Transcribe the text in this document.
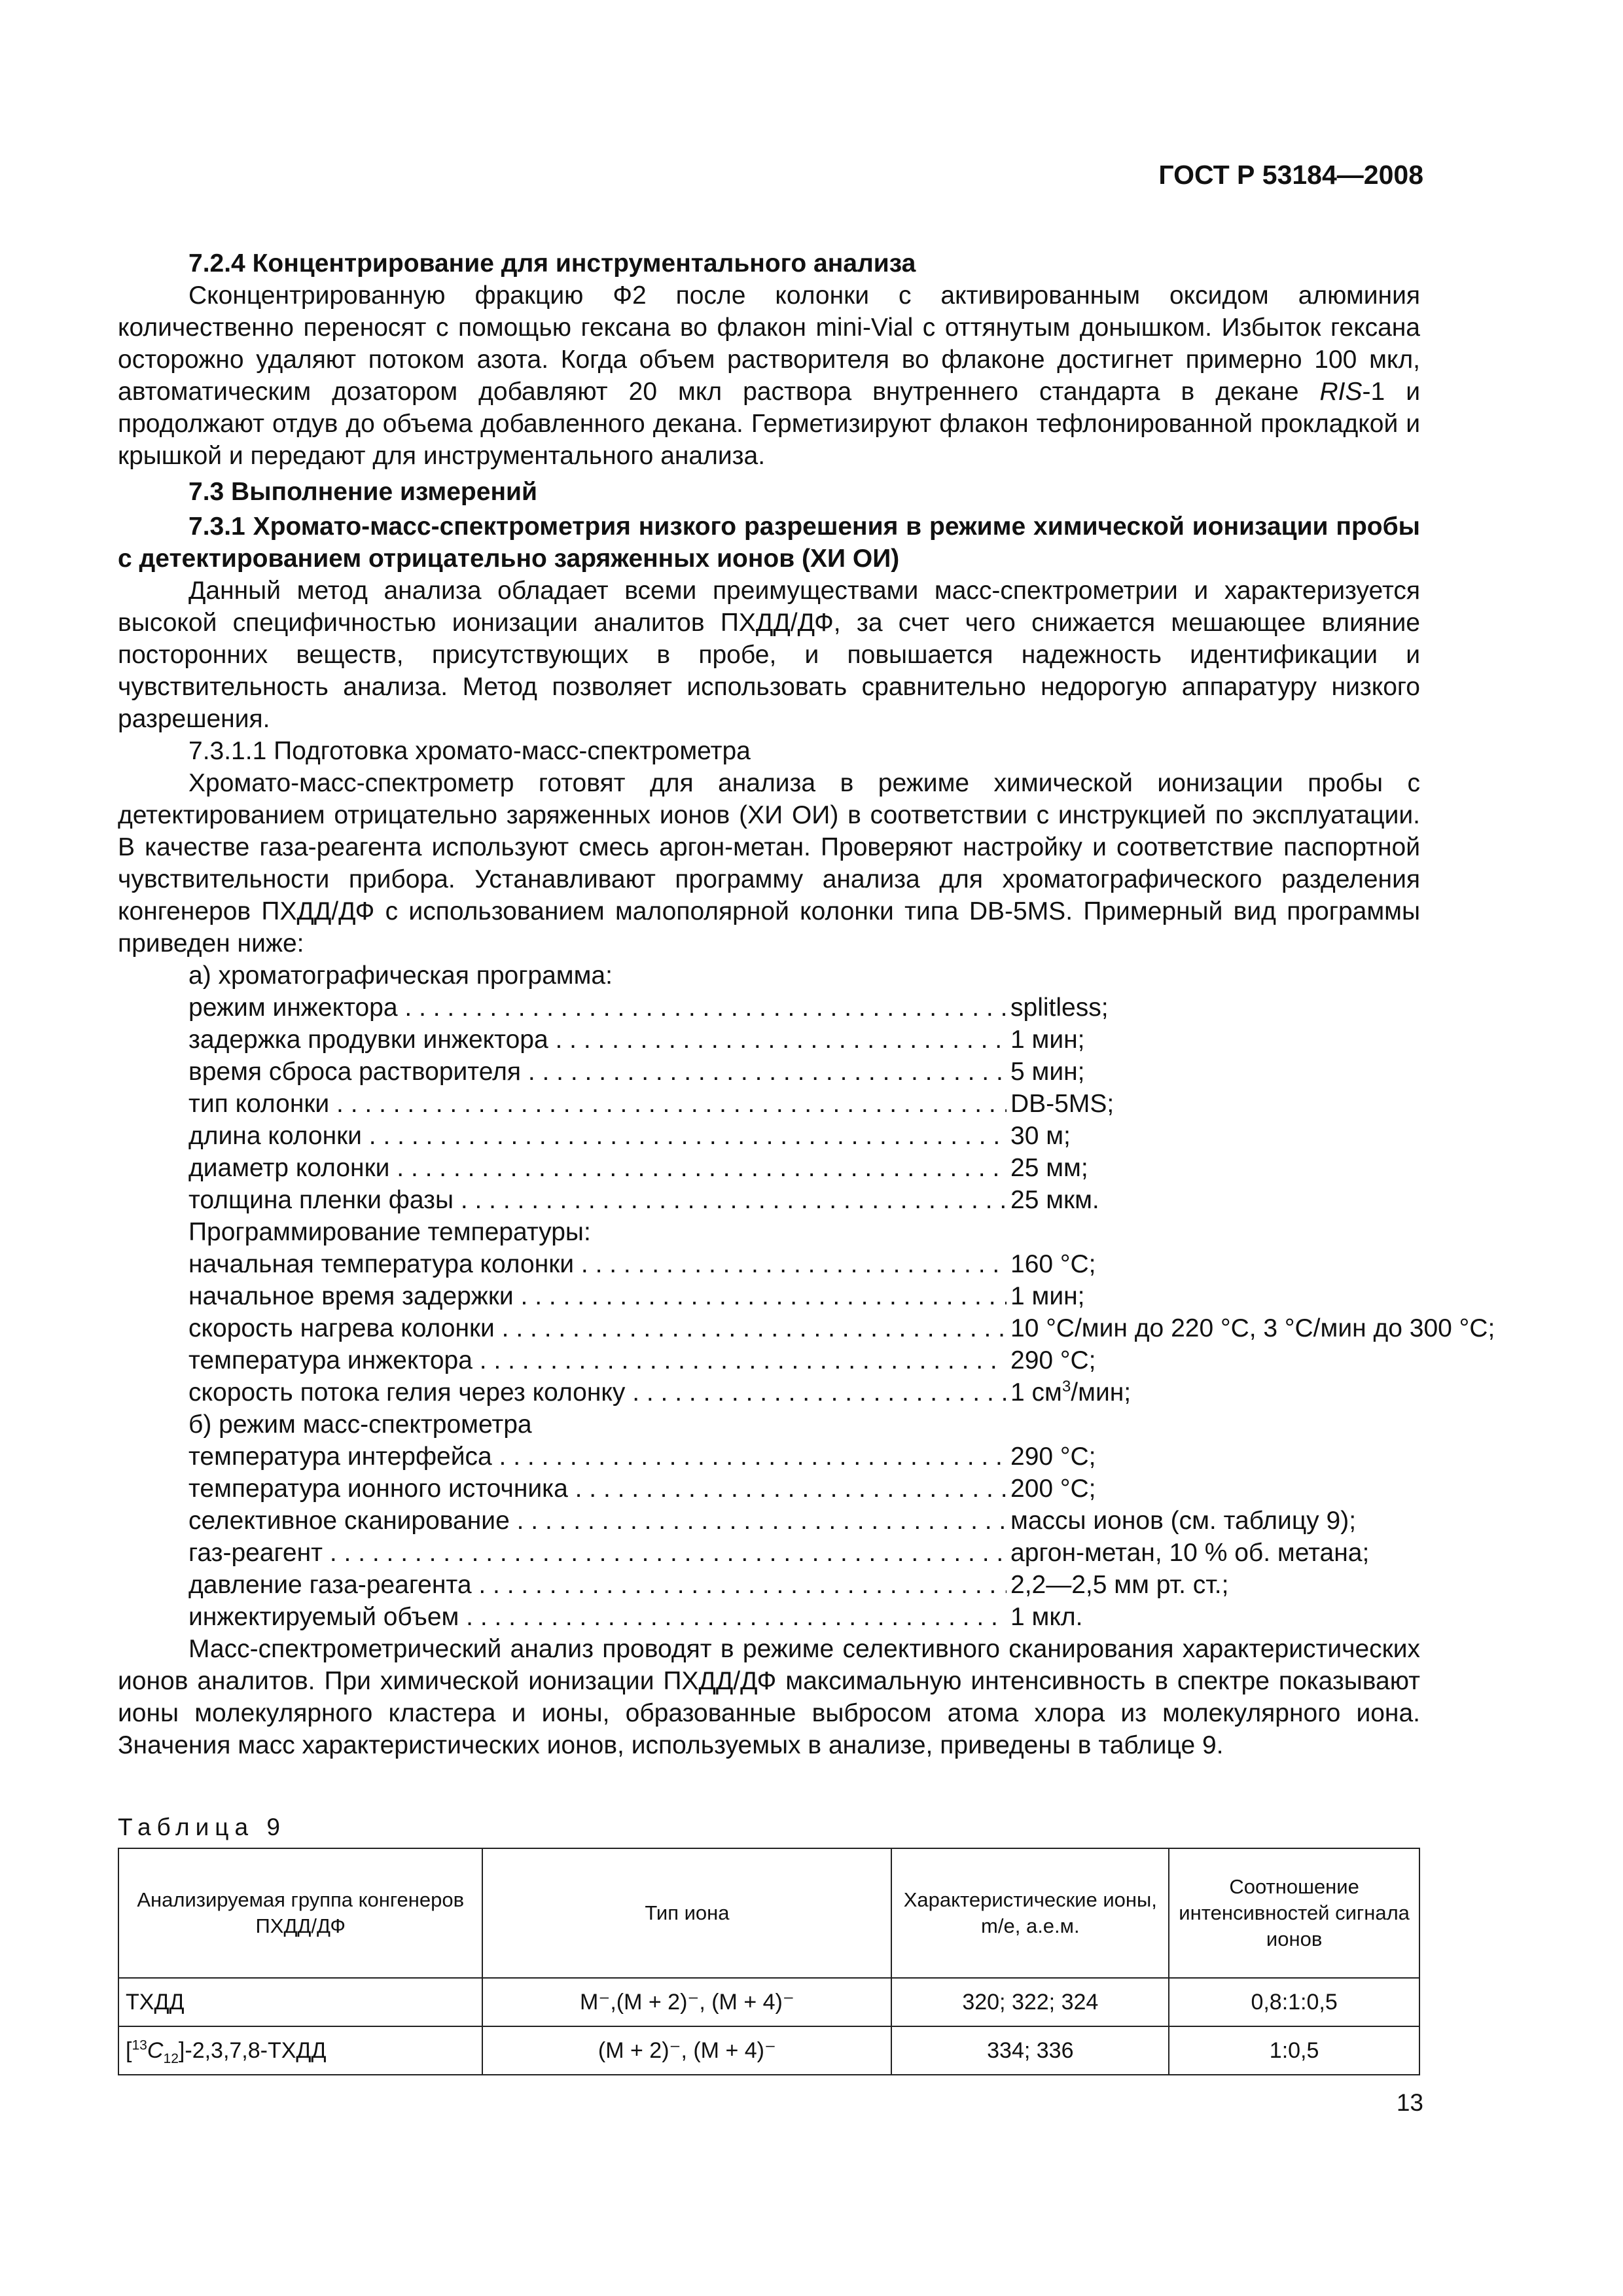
ГОСТ Р 53184—2008

7.2.4 Концентрирование для инструментального анализа

Сконцентрированную фракцию Ф2 после колонки с активированным оксидом алюминия количественно переносят с помощью гексана во флакон mini-Vial с оттянутым донышком. Избыток гексана осторожно удаляют потоком азота. Когда объем растворителя во флаконе достигнет примерно 100 мкл, автоматическим дозатором добавляют 20 мкл раствора внутреннего стандарта в декане RIS-1 и продолжают отдув до объема добавленного декана. Герметизируют флакон тефлонированной прокладкой и крышкой и передают для инструментального анализа.

7.3 Выполнение измерений

7.3.1 Хромато-масс-спектрометрия низкого разрешения в режиме химической ионизации пробы с детектированием отрицательно заряженных ионов (ХИ ОИ)

Данный метод анализа обладает всеми преимуществами масс-спектрометрии и характеризуется высокой специфичностью ионизации аналитов ПХДД/ДФ, за счет чего снижается мешающее влияние посторонних веществ, присутствующих в пробе, и повышается надежность идентификации и чувствительность анализа. Метод позволяет использовать сравнительно недорогую аппаратуру низкого разрешения.

7.3.1.1 Подготовка хромато-масс-спектрометра

Хромато-масс-спектрометр готовят для анализа в режиме химической ионизации пробы с детектированием отрицательно заряженных ионов (ХИ ОИ) в соответствии с инструкцией по эксплуатации. В качестве газа-реагента используют смесь аргон-метан. Проверяют настройку и соответствие паспортной чувствительности прибора. Устанавливают программу анализа для хроматографического разделения конгенеров ПХДД/ДФ с использованием малополярной колонки типа DB-5MS. Примерный вид программы приведен ниже:

а) хроматографическая программа:

режим инжектора . . .	splitless;
задержка продувки инжектора . . .	1 мин;
время сброса растворителя . . .	5 мин;
тип колонки . . .	DB-5MS;
длина колонки . . .	30 м;
диаметр колонки . . .	25 мм;
толщина пленки фазы . . .	25 мкм.

Программирование температуры:

начальная температура колонки . . .	160 °С;
начальное время задержки . . .	1 мин;
скорость нагрева колонки . . .	10 °С/мин до 220 °С, 3 °С/мин до 300 °С;
температура инжектора . . .	290 °С;
скорость потока гелия через колонку . . .	1 $см^3$/мин;

б) режим масс-спектрометра

температура интерфейса . . .	290 °С;
температура ионного источника . . .	200 °С;
селективное сканирование . . .	массы ионов (см. таблицу 9);
газ-реагент . . .	аргон-метан, 10 % об. метана;
давление газа-реагента . . .	2,2—2,5 мм рт. ст.;
инжектируемый объем . . .	1 мкл.

Масс-спектрометрический анализ проводят в режиме селективного сканирования характеристических ионов аналитов. При химической ионизации ПХДД/ДФ максимальную интенсивность в спектре показывают ионы молекулярного кластера и ионы, образованные выбросом атома хлора из молекулярного иона. Значения масс характеристических ионов, используемых в анализе, приведены в таблице 9.

Таблица 9
Анализируемая группа конгенеров ПХДД/ДФ	Тип иона	Характеристические ионы, m/e, а.е.м.	Соотношение интенсивностей сигнала ионов
ТХДД	M⁻,(M + 2)⁻, (M + 4)⁻	320; 322; 324	0,8:1:0,5
$[^{13}C_{12}]-2,3,7,8$-ТХДД	(M + 2)⁻, (M + 4)⁻	334; 336	1:0,5
13
